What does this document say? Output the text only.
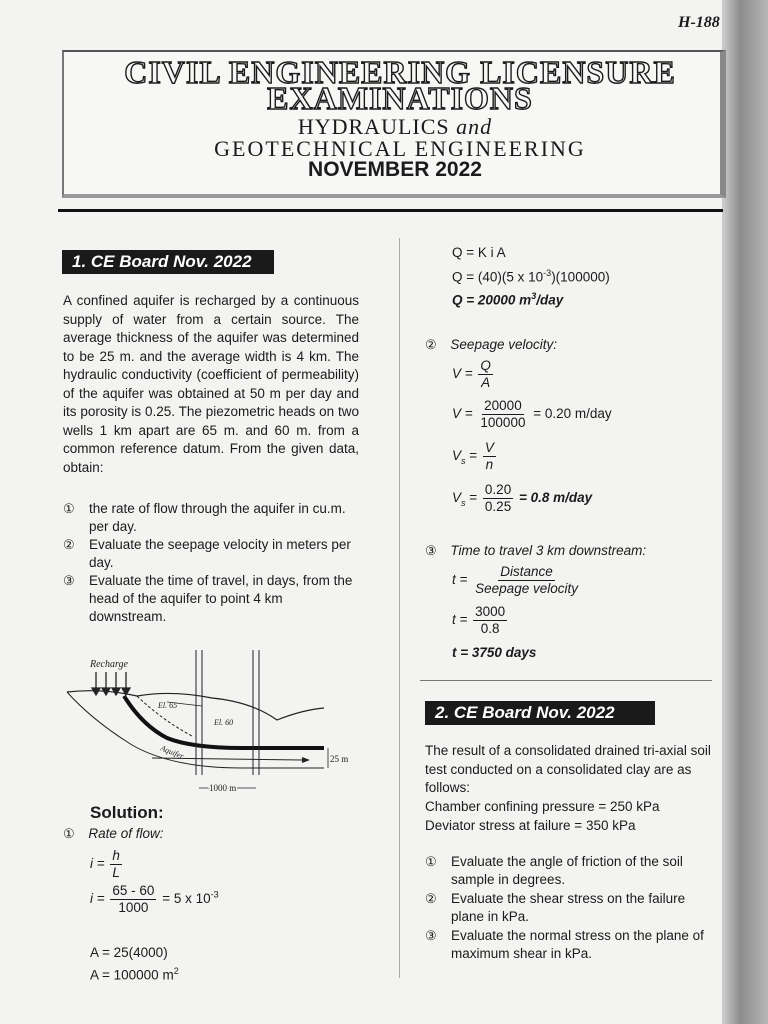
H-188
CIVIL ENGINEERING LICENSURE
EXAMINATIONS
HYDRAULICS and
GEOTECHNICAL ENGINEERING
NOVEMBER 2022
1. CE Board Nov. 2022
A confined aquifer is recharged by a continuous supply of water from a certain source. The average thickness of the aquifer was determined to be 25 m. and the average width is 4 km. The hydraulic conductivity (coefficient of permeability) of the aquifer was obtained at 50 m per day and its porosity is 0.25. The piezometric heads on two wells 1 km apart are 65 m. and 60 m. from a common reference datum. From the given data, obtain:
①	the rate of flow through the aquifer in cu.m. per day.
②	Evaluate the seepage velocity in meters per day.
③	Evaluate the time of travel, in days, from the head of the aquifer to point 4 km downstream.
Recharge
El. 65
El. 60
Aquifer	25 m
1000 m
Solution:
① Rate of flow:
$i = \frac{h}{L}$
$i = \frac{65 - 60}{1000} = 5$ x $10^{-3}$
A = 25(4000)
A = 100000 $m^2$
Q = K i A
Q = (40)(5 x $10^{-3})(100000)$
Q = 20000 $m^3$/day
② Seepage velocity:
$V = \frac{Q}{A}$
$V = \frac{20000}{100000} = 0.20$ m/day
$V_s = \frac{V}{n}$
$V_s = \frac{0.20}{0.25} = 0.8$ m/day
③ Time to travel 3 km downstream:
$t = \frac{\text{Distance}}{\text{Seepage velocity}}$
$t = \frac{3000}{0.8}$
t = 3750 days
2. CE Board Nov. 2022
The result of a consolidated drained tri-axial soil test conducted on a consolidated clay are as follows:
Chamber confining pressure = 250 kPa
Deviator stress at failure = 350 kPa
①	Evaluate the angle of friction of the soil sample in degrees.
②	Evaluate the shear stress on the failure plane in kPa.
③	Evaluate the normal stress on the plane of maximum shear in kPa.
